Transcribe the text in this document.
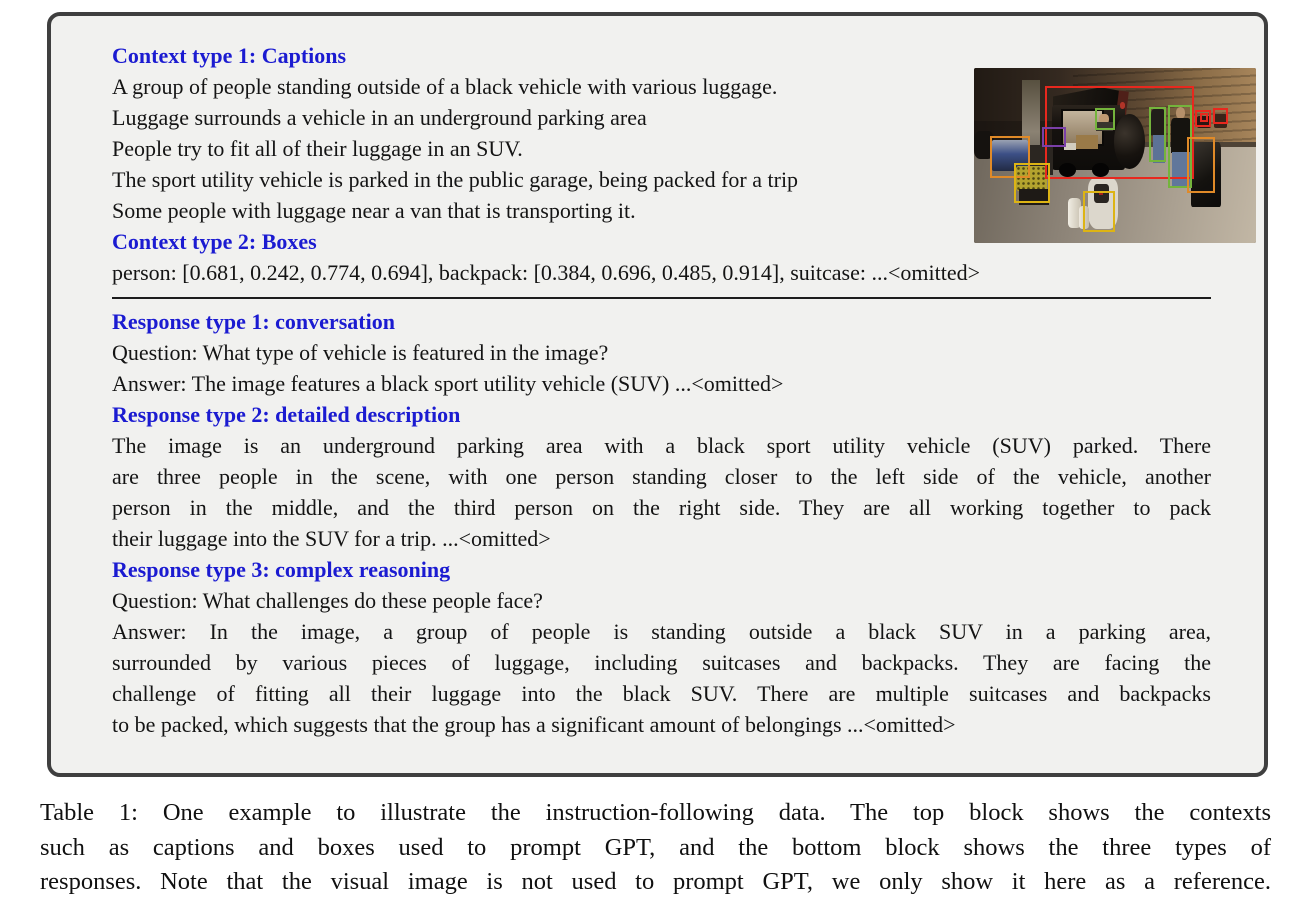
Context type 1: Captions
A group of people standing outside of a black vehicle with various luggage.
Luggage surrounds a vehicle in an underground parking area
People try to fit all of their luggage in an SUV.
The sport utility vehicle is parked in the public garage, being packed for a trip
Some people with luggage near a van that is transporting it.
Context type 2: Boxes
person: [0.681, 0.242, 0.774, 0.694], backpack: [0.384, 0.696, 0.485, 0.914], suitcase: ...<omitted>
Response type 1: conversation
Question: What type of vehicle is featured in the image?
Answer: The image features a black sport utility vehicle (SUV) ...<omitted>
Response type 2: detailed description
The image is an underground parking area with a black sport utility vehicle (SUV) parked. There
are three people in the scene, with one person standing closer to the left side of the vehicle, another
person in the middle, and the third person on the right side. They are all working together to pack
their luggage into the SUV for a trip. ...<omitted>
Response type 3: complex reasoning
Question: What challenges do these people face?
Answer: In the image, a group of people is standing outside a black SUV in a parking area,
surrounded by various pieces of luggage, including suitcases and backpacks. They are facing the
challenge of fitting all their luggage into the black SUV. There are multiple suitcases and backpacks
to be packed, which suggests that the group has a significant amount of belongings ...<omitted>
Table 1: One example to illustrate the instruction-following data. The top block shows the contexts
such as captions and boxes used to prompt GPT, and the bottom block shows the three types of
responses. Note that the visual image is not used to prompt GPT, we only show it here as a reference.
